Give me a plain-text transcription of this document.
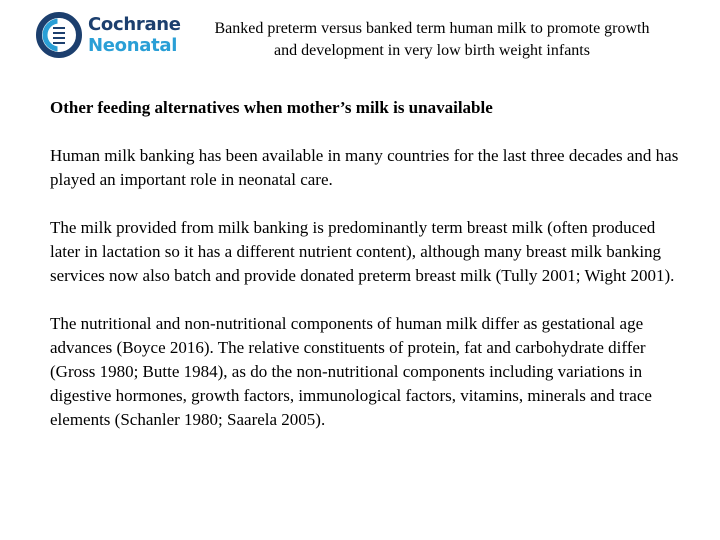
Cochrane
Neonatal
Banked preterm versus banked term human milk to promote growth
and development in very low birth weight infants
Other feeding alternatives when mother’s milk is unavailable

Human milk banking has been available in many countries for the last three decades and has played an important role in neonatal care.

The milk provided from milk banking is predominantly term breast milk (often produced later in lactation so it has a different nutrient content), although many breast milk banking services now also batch and provide donated preterm breast milk (Tully 2001; Wight 2001).

The nutritional and non-nutritional components of human milk differ as gestational age advances (Boyce 2016). The relative constituents of protein, fat and carbohydrate differ (Gross 1980; Butte 1984), as do the non-nutritional components including variations in digestive hormones, growth factors, immunological factors, vitamins, minerals and trace elements (Schanler 1980; Saarela 2005).
